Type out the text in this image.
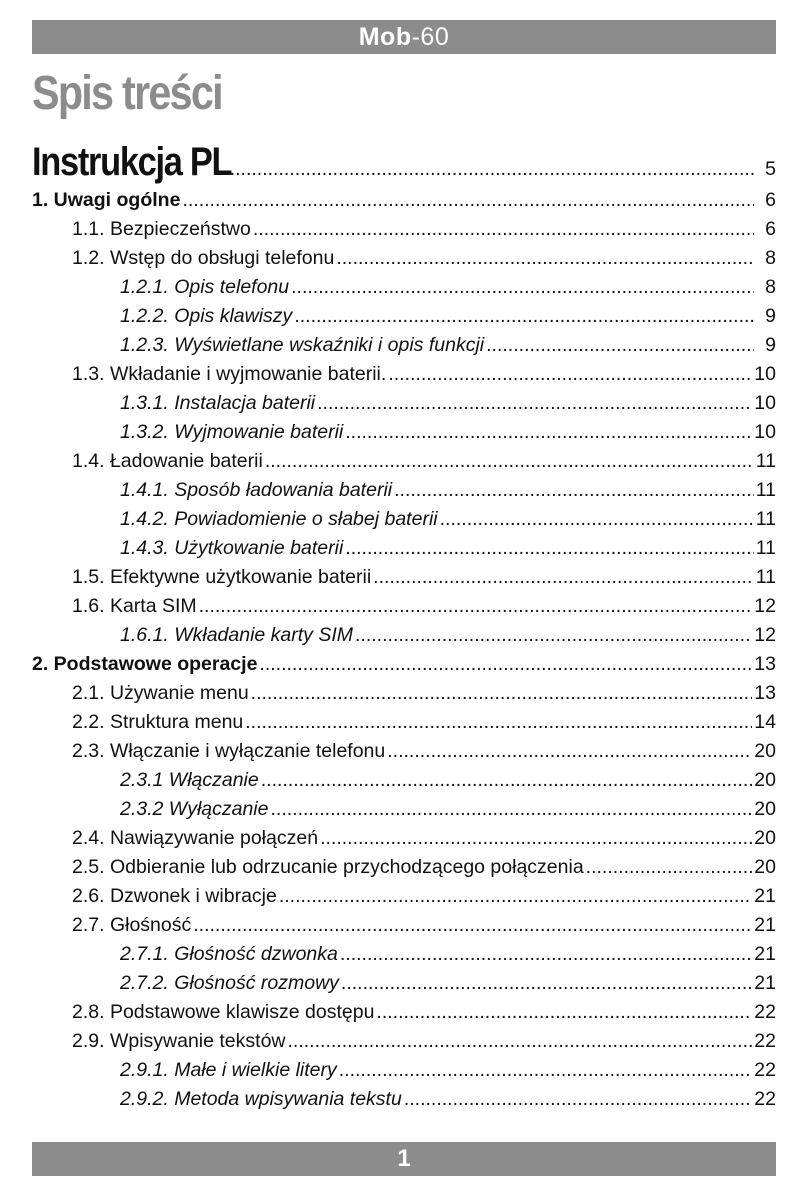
Mob -60
Spis treści
Instrukcja PL .....	5
1. Uwagi ogólne .....	6
1.1. Bezpieczeństwo .....	6
1.2. Wstęp do obsługi telefonu .....	8
1.2.1. Opis telefonu .....	8
1.2.2. Opis klawiszy .....	9
1.2.3. Wyświetlane wskaźniki i opis funkcji .....	9
1.3. Wkładanie i wyjmowanie baterii. .....	10
1.3.1. Instalacja baterii .....	10
1.3.2. Wyjmowanie baterii .....	10
1.4. Ładowanie baterii .....	11
1.4.1. Sposób ładowania baterii .....	11
1.4.2. Powiadomienie o słabej baterii .....	11
1.4.3. Użytkowanie baterii .....	11
1.5. Efektywne użytkowanie baterii .....	11
1.6. Karta SIM .....	12
1.6.1. Wkładanie karty SIM .....	12
2. Podstawowe operacje .....	13
2.1. Używanie menu .....	13
2.2. Struktura menu .....	14
2.3. Włączanie i wyłączanie telefonu .....	20
2.3.1 Włączanie .....	20
2.3.2 Wyłączanie .....	20
2.4. Nawiązywanie połączeń .....	20
2.5. Odbieranie lub odrzucanie przychodzącego połączenia .....	20
2.6. Dzwonek i wibracje .....	21
2.7. Głośność .....	21
2.7.1. Głośność dzwonka .....	21
2.7.2. Głośność rozmowy .....	21
2.8. Podstawowe klawisze dostępu .....	22
2.9. Wpisywanie tekstów .....	22
2.9.1. Małe i wielkie litery .....	22
2.9.2. Metoda wpisywania tekstu .....	22
1
